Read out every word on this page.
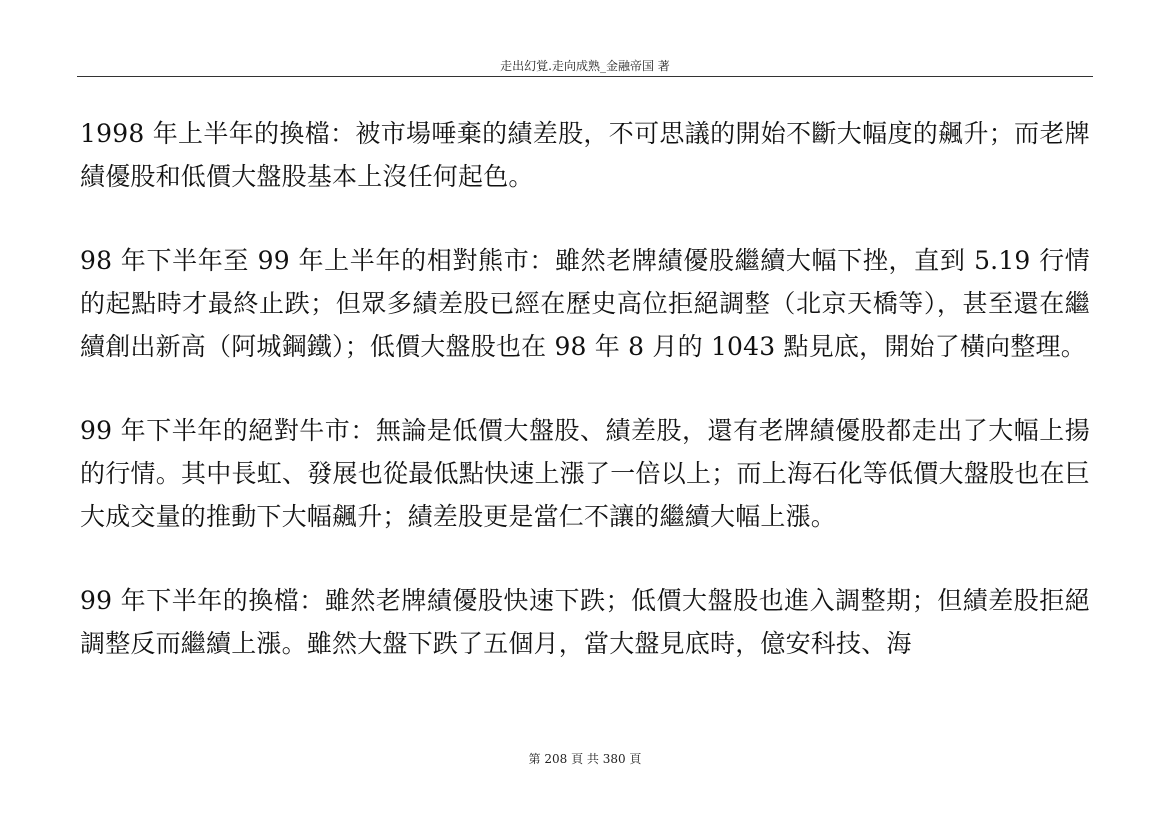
走出幻覚.走向成熟_金融帝国 著

1998 年上半年的換檔：被市場唾棄的績差股，不可思議的開始不斷大幅度的飆升；而老牌績優股和低價大盤股基本上沒任何起色。

98 年下半年至 99 年上半年的相對熊市：雖然老牌績優股繼續大幅下挫，直到 5.19 行情的起點時才最終止跌；但眾多績差股已經在歷史高位拒絕調整（北京天橋等），甚至還在繼續創出新高（阿城鋼鐵）；低價大盤股也在 98 年 8 月的 1043 點見底，開始了橫向整理。

99 年下半年的絕對牛市：無論是低價大盤股、績差股，還有老牌績優股都走出了大幅上揚的行情。其中長虹、發展也從最低點快速上漲了一倍以上；而上海石化等低價大盤股也在巨大成交量的推動下大幅飆升；績差股更是當仁不讓的繼續大幅上漲。

99 年下半年的換檔：雖然老牌績優股快速下跌；低價大盤股也進入調整期；但績差股拒絕調整反而繼續上漲。雖然大盤下跌了五個月，當大盤見底時，億安科技、海

第 208 頁 共 380 頁
